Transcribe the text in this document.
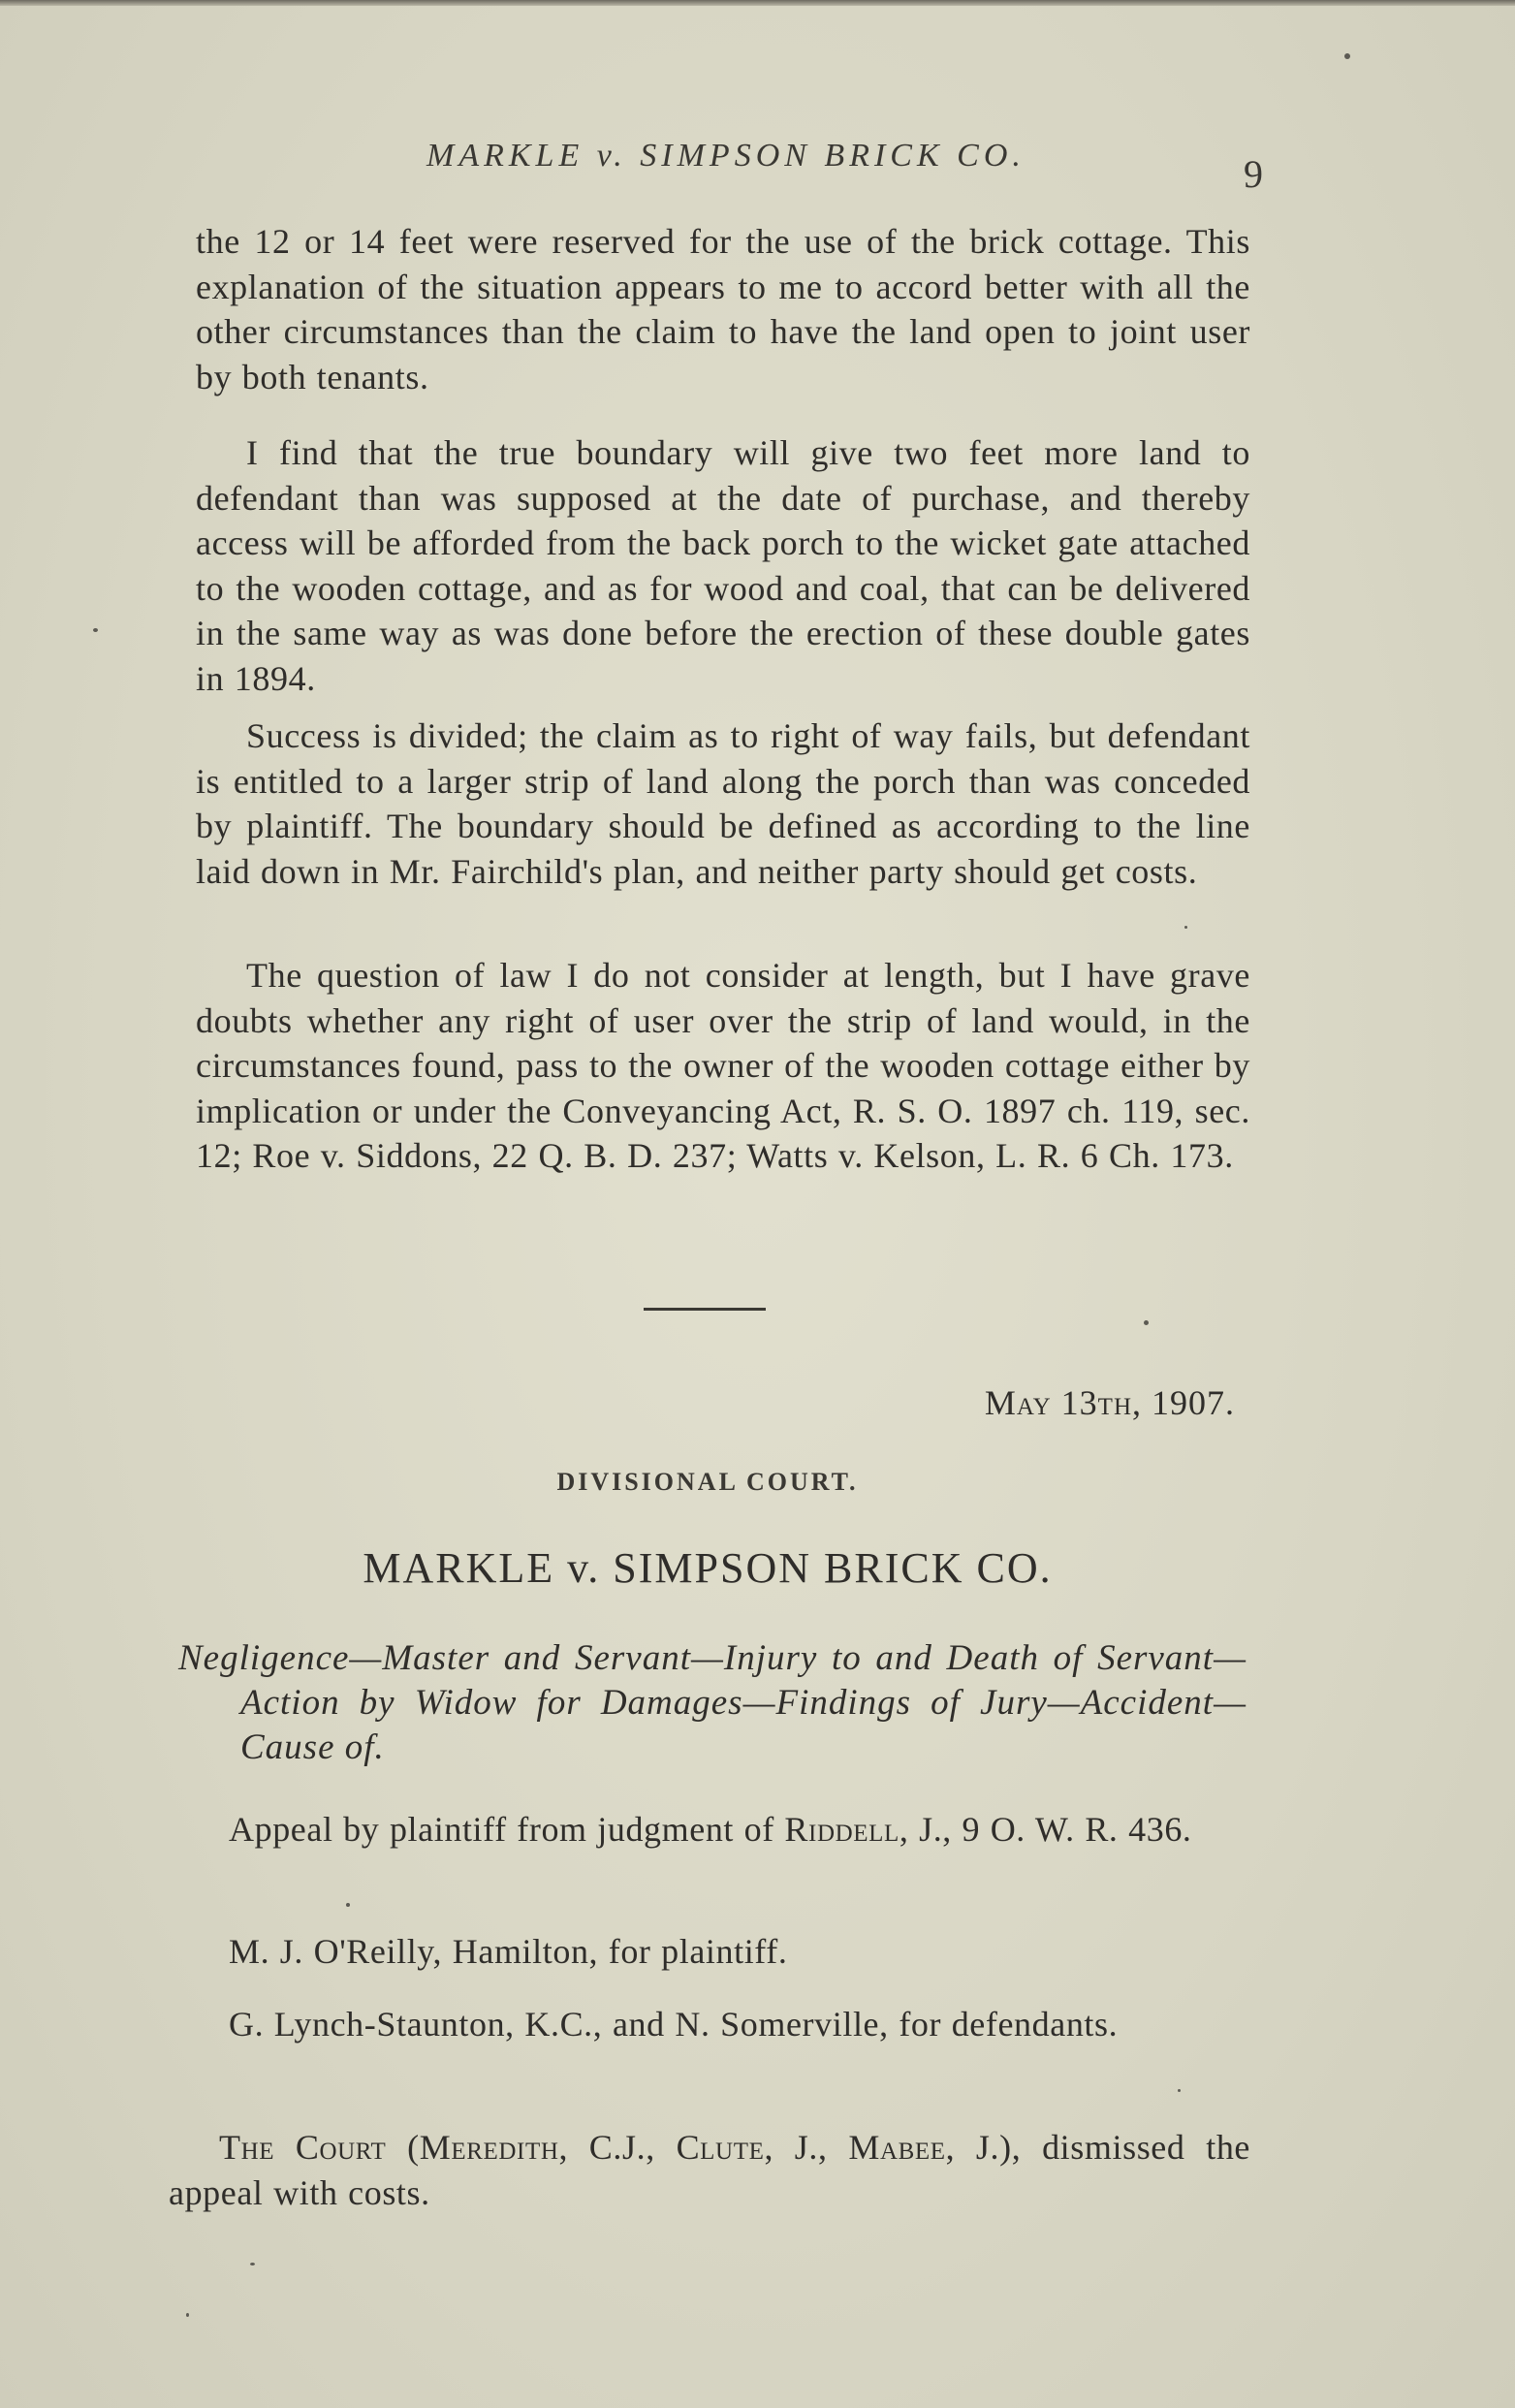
MARKLE v. SIMPSON BRICK CO.	9

the 12 or 14 feet were reserved for the use of the brick cottage. This explanation of the situation appears to me to accord better with all the other circumstances than the claim to have the land open to joint user by both tenants.

I find that the true boundary will give two feet more land to defendant than was supposed at the date of purchase, and thereby access will be afforded from the back porch to the wicket gate attached to the wooden cottage, and as for wood and coal, that can be delivered in the same way as was done before the erection of these double gates in 1894.

Success is divided; the claim as to right of way fails, but defendant is entitled to a larger strip of land along the porch than was conceded by plaintiff. The boundary should be defined as according to the line laid down in Mr. Fairchild's plan, and neither party should get costs.

The question of law I do not consider at length, but I have grave doubts whether any right of user over the strip of land would, in the circumstances found, pass to the owner of the wooden cottage either by implication or under the Conveyancing Act, R. S. O. 1897 ch. 119, sec. 12; Roe v. Siddons, 22 Q. B. D. 237; Watts v. Kelson, L. R. 6 Ch. 173.

May 13th, 1907.
DIVISIONAL COURT.
MARKLE v. SIMPSON BRICK CO.

Negligence—Master and Servant—Injury to and Death of Servant—Action by Widow for Damages—Findings of Jury—Accident—Cause of.

Appeal by plaintiff from judgment of Riddell, J., 9 O. W. R. 436.

M. J. O'Reilly, Hamilton, for plaintiff.

G. Lynch-Staunton, K.C., and N. Somerville, for defendants.

The Court (Meredith, C.J., Clute, J., Mabee, J.), dismissed the appeal with costs.
